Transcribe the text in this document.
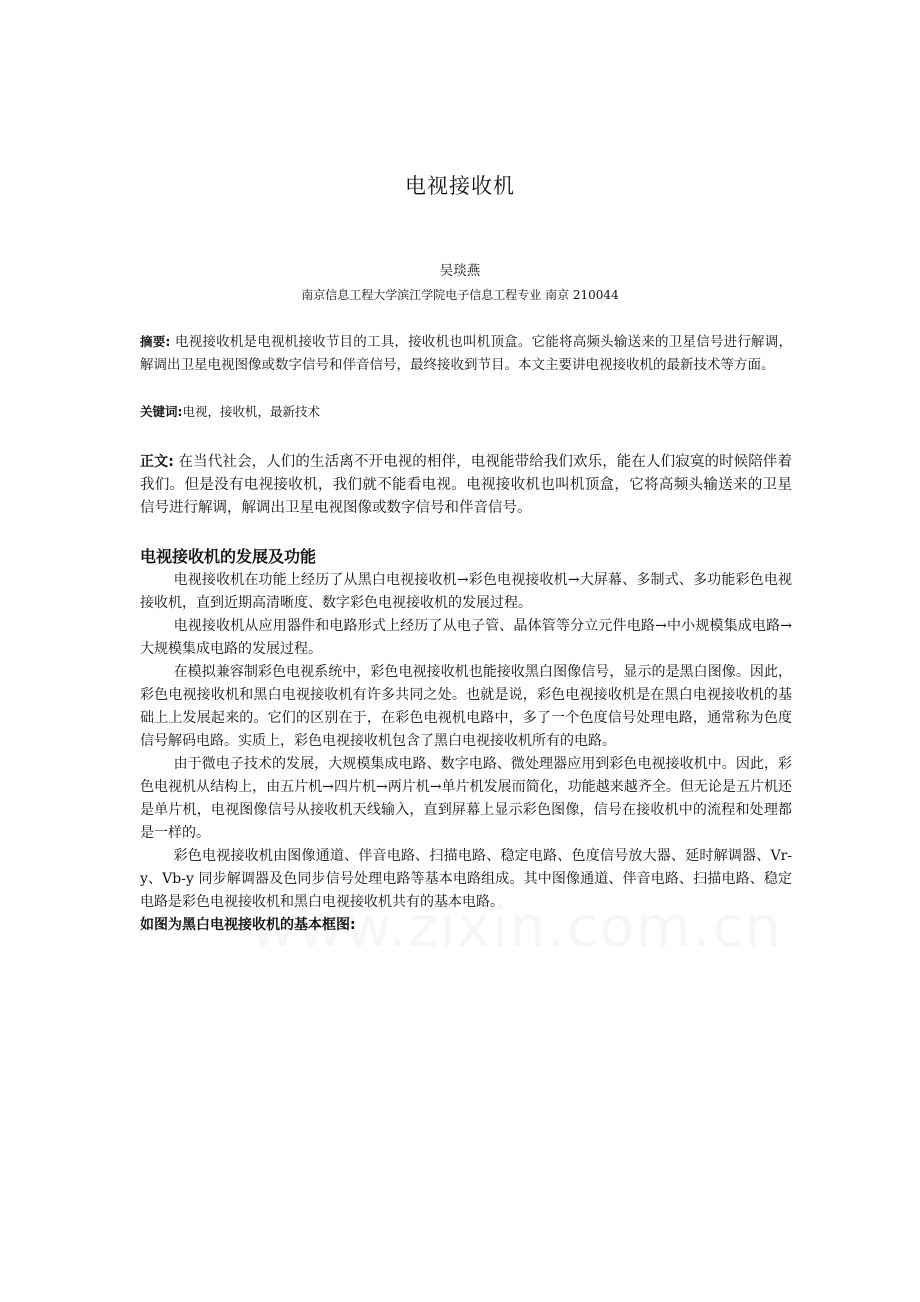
电视接收机
吴琰燕
南京信息工程大学滨江学院电子信息工程专业 南京 210044

摘要: 电视接收机是电视机接收节目的工具，接收机也叫机顶盒。它能将高频头输送来的卫星信号进行解调，解调出卫星电视图像或数字信号和伴音信号，最终接收到节目。本文主要讲电视接收机的最新技术等方面。

关键词:电视，接收机，最新技术

正文: 在当代社会，人们的生活离不开电视的相伴，电视能带给我们欢乐，能在人们寂寞的时候陪伴着我们。但是没有电视接收机，我们就不能看电视。电视接收机也叫机顶盒，它将高频头输送来的卫星信号进行解调，解调出卫星电视图像或数字信号和伴音信号。

电视接收机的发展及功能

电视接收机在功能上经历了从黑白电视接收机→彩色电视接收机→大屏幕、多制式、多功能彩色电视接收机，直到近期高清晰度、数字彩色电视接收机的发展过程。

电视接收机从应用器件和电路形式上经历了从电子管、晶体管等分立元件电路→中小规模集成电路→大规模集成电路的发展过程。

在模拟兼容制彩色电视系统中，彩色电视接收机也能接收黑白图像信号，显示的是黑白图像。因此，彩色电视接收机和黑白电视接收机有许多共同之处。也就是说，彩色电视接收机是在黑白电视接收机的基础上上发展起来的。它们的区别在于，在彩色电视机电路中，多了一个色度信号处理电路，通常称为色度信号解码电路。实质上，彩色电视接收机包含了黑白电视接收机所有的电路。

由于微电子技术的发展，大规模集成电路、数字电路、微处理器应用到彩色电视接收机中。因此，彩色电视机从结构上，由五片机→四片机→两片机→单片机发展而简化，功能越来越齐全。但无论是五片机还是单片机，电视图像信号从接收机天线输入，直到屏幕上显示彩色图像，信号在接收机中的流程和处理都是一样的。

彩色电视接收机由图像通道、伴音电路、扫描电路、稳定电路、色度信号放大器、延时解调器、Vr-y、Vb-y 同步解调器及色同步信号处理电路等基本电路组成。其中图像通道、伴音电路、扫描电路、稳定电路是彩色电视接收机和黑白电视接收机共有的基本电路。

如图为黑白电视接收机的基本框图:
